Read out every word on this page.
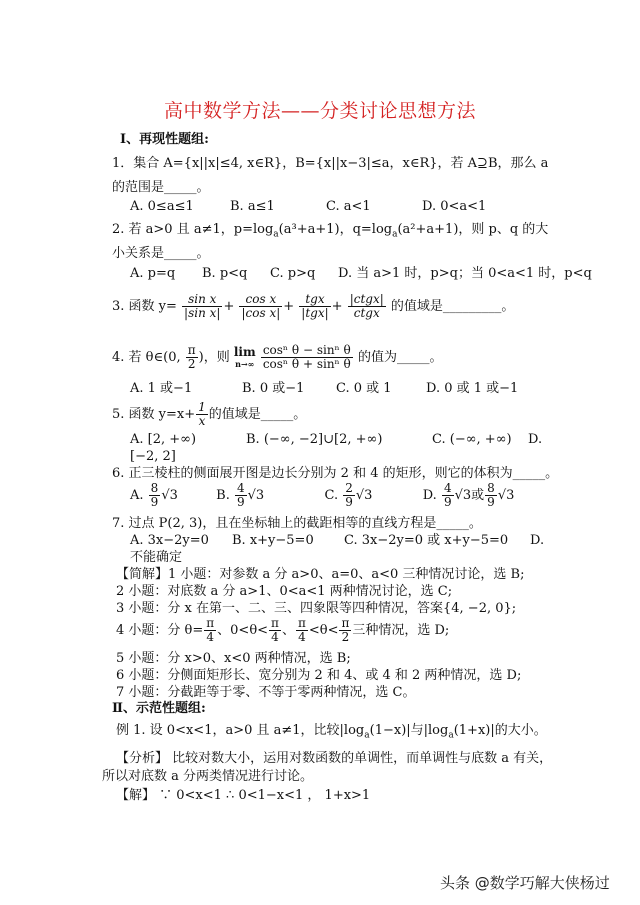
高中数学方法——分类讨论思想方法
Ⅰ、再现性题组:
1．集合 A={x||x|≤4, x∈R}，B={x||x−3|≤a，x∈R}，若 A⊇B，那么 a
的范围是_____。
A. 0≤a≤1	B. a≤1	C. a<1	D. 0<a<1
2. 若 a>0 且 a≠1，$p=\log_a(a^3+a+1)$，$q=\log_a(a^2+a+1)$，则 p、q 的大
小关系是_____。
A. p=q B. p<q C. p>q D. 当 a>1 时，p>q；当 0<a<1 时，p<q
3. 函数 $y= \frac{\text{sin x}}{\text{|sin x|}} + \frac{\text{cos x}}{\text{|cos x|}} + \frac{\text{tgx}}{\text{|tgx|}} + \frac{\text{|ctgx|}}{\text{ctgx}}$ 的值域是_________。
4. 若 θ∈(0, $\frac{\pi}{2}$ )，则 lim
n→∞
$\frac{\text{cosⁿ θ − sinⁿ θ}}{\text{cosⁿ θ + sinⁿ θ}}$ 的值为_____。
A. 1 或−1	B. 0 或−1 C. 0 或 1	D. 0 或 1 或−1
5. 函数 $y=x+ \frac{1}{x}$ 的值域是_____。
A. [2, +∞)	B. (−∞, −2]∪[2, +∞)	C. (−∞, +∞) D.
[−2, 2]
6. 正三棱柱的侧面展开图是边长分别为 2 和 4 的矩形，则它的体积为_____。
A. $\frac{8}{9} √3$	B. $\frac{4}{9} √3$	C. $\frac{2}{9} √3$	D. $\frac{4}{9} √3$或 $\frac{8}{9} √3$
7. 过点 P(2, 3)，且在坐标轴上的截距相等的直线方程是_____。
A. 3x−2y=0 B. x+y−5=0 C. 3x−2y=0 或 x+y−5=0 D.
不能确定
【简解】1 小题：对参数 a 分 a>0、a=0、a<0 三种情况讨论，选 B;
2 小题：对底数 a 分 a>1、0<a<1 两种情况讨论，选 C;
3 小题：分 x 在第一、二、三、四象限等四种情况，答案{4, −2, 0};
4 小题：分 $\theta= \frac{\pi}{4}$ 、$0<\theta< \frac{\pi}{4}$ 、 $\frac{\pi}{4} <\theta< \frac{\pi}{2}$ 三种情况，选 D;
5 小题：分 x>0、x<0 两种情况，选 B;
6 小题：分侧面矩形长、宽分别为 2 和 4、或 4 和 2 两种情况，选 D;
7 小题：分截距等于零、不等于零两种情况，选 C。
Ⅱ、示范性题组:
例 1. 设 0<x<1，a>0 且 a≠1，比较$|\log_a(1-x)|$与$|\log_a(1+x)|$的大小。
【分析】 比较对数大小，运用对数函数的单调性，而单调性与底数 a 有关，
所以对底数 a 分两类情况进行讨论。
【解】 ∵ 0<x<1 ∴ 0<1−x<1 ， 1+x>1
头条 @数学巧解大侠杨过
